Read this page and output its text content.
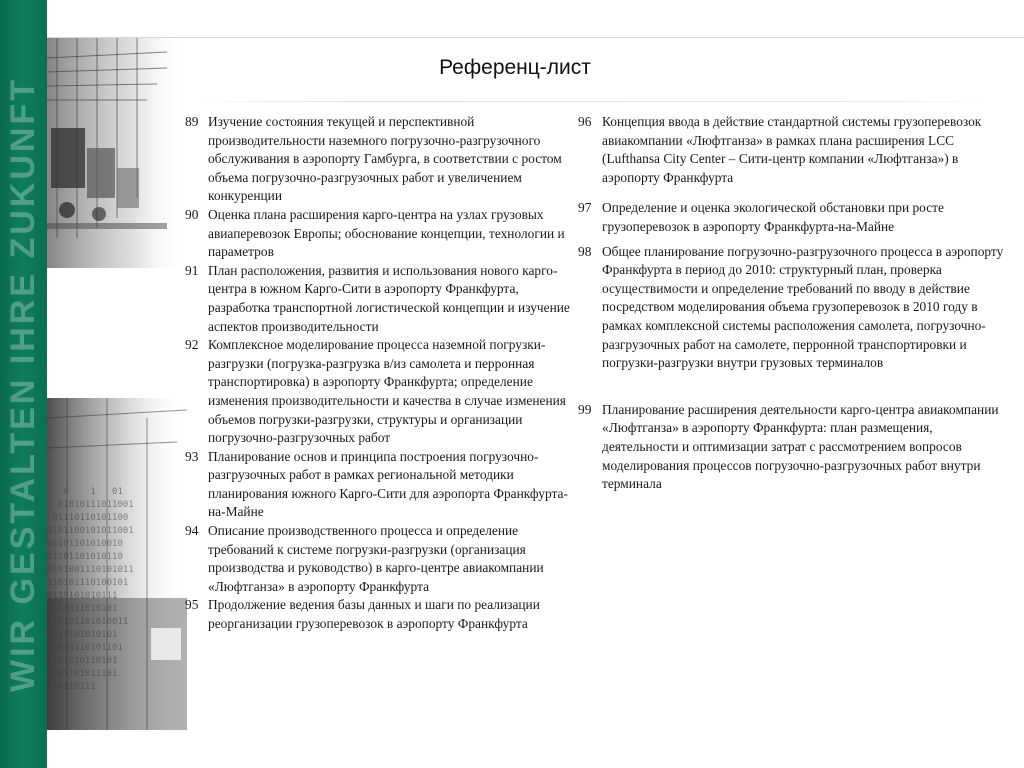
WIR GESTALTEN IHRE ZUKUNFT 0    1   01
01010111011001
01110110101100
0101100101011001
01101101010010
01101101010110
0101001110101011
110101110100101
0110101010111
0111011010101
110101101010011
0110101010101
11010110101101
1101010110101
0101101011101
110110111
Референц-лист
89 Изучение состояния текущей и перспективной производительности наземного погрузочно-разгрузочного обслуживания в аэропорту Гамбурга, в соответствии с ростом объема погрузочно-разгрузочных работ и увеличением конкуренции
90 Оценка плана расширения карго-центра на узлах грузовых авиаперевозок Европы; обоснование концепции, технологии и параметров
91 План расположения, развития и использования нового карго-центра в южном Карго-Сити в аэропорту Франкфурта, разработка транспортной логистической концепции и изучение аспектов производительности
92 Комплексное моделирование процесса наземной погрузки-разгрузки (погрузка-разгрузка в/из самолета и перронная транспортировка) в аэропорту Франкфурта; определение изменения производительности и качества в случае изменения объемов погрузки-разгрузки, структуры и организации погрузочно-разгрузочных работ
93 Планирование основ и принципа построения погрузочно-разгрузочных работ в рамках региональной методики планирования южного Карго-Сити для аэропорта Франкфурта-на-Майне
94 Описание производственного процесса и определение требований к системе погрузки-разгрузки (организация производства и руководство) в карго-центре авиакомпании «Люфтганза» в аэропорту Франкфурта
95 Продолжение ведения базы данных и шаги по реализации реорганизации грузоперевозок в аэропорту Франкфурта
96 Концепция ввода в действие стандартной системы грузоперевозок авиакомпании «Люфтганза» в рамках плана расширения LCC (Lufthansa City Center – Сити-центр компании «Люфтганза») в аэропорту Франкфурта
97 Определение и оценка экологической обстановки при росте грузоперевозок в аэропорту Франкфурта-на-Майне
98 Общее планирование погрузочно-разгрузочного процесса в аэропорту Франкфурта в период до 2010: структурный план, проверка осуществимости и определение требований по вводу в действие посредством моделирования объема грузоперевозок в 2010 году в рамках комплексной системы расположения самолета, погрузочно-разгрузочных работ на самолете, перронной транспортировки и погрузки-разгрузки внутри грузовых терминалов
99 Планирование расширения деятельности карго-центра авиакомпании «Люфтганза» в аэропорту Франкфурта: план размещения, деятельности и оптимизации затрат с рассмотрением вопросов моделирования процессов погрузочно-разгрузочных работ внутри терминала
